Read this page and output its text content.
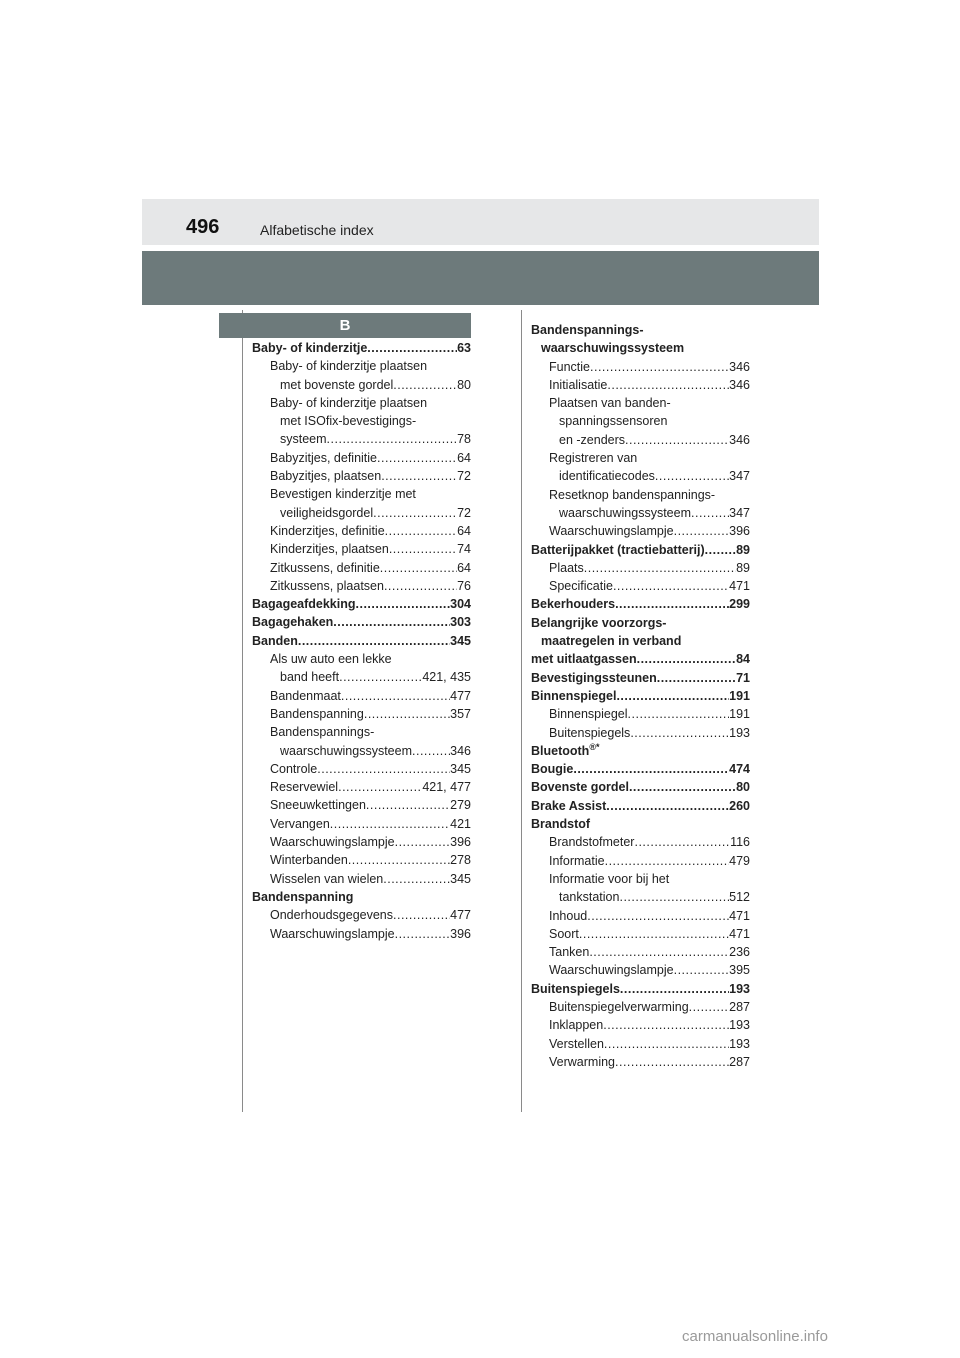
496	Alfabetische index
B
Baby- of kinderzitje .....	63
Baby- of kinderzitje plaatsen
met bovenste gordel .....	80
Baby- of kinderzitje plaatsen
met ISOfix-bevestigings-
systeem .....	78
Babyzitjes, definitie .....	64
Babyzitjes, plaatsen .....	72
Bevestigen kinderzitje met
veiligheidsgordel .....	72
Kinderzitjes, definitie .....	64
Kinderzitjes, plaatsen .....	74
Zitkussens, definitie .....	64
Zitkussens, plaatsen .....	76
Bagageafdekking .....	304
Bagagehaken .....	303
Banden .....	345
Als uw auto een lekke
band heeft .....	421, 435
Bandenmaat .....	477
Bandenspanning .....	357
Bandenspannings-
waarschuwingssysteem .....	346
Controle .....	345
Reservewiel .....	421, 477
Sneeuwkettingen .....	279
Vervangen .....	421
Waarschuwingslampje .....	396
Winterbanden .....	278
Wisselen van wielen .....	345
Bandenspanning
Onderhoudsgegevens .....	477
Waarschuwingslampje .....	396
Bandenspannings-
waarschuwingssysteem
Functie .....	346
Initialisatie .....	346
Plaatsen van banden-
spanningssensoren
en -zenders .....	346
Registreren van
identificatiecodes .....	347
Resetknop bandenspannings-
waarschuwingssysteem .....	347
Waarschuwingslampje .....	396
Batterijpakket (tractiebatterij) .....	89
Plaats .....	89
Specificatie .....	471
Bekerhouders .....	299
Belangrijke voorzorgs-
maatregelen in verband
met uitlaatgassen .....	84
Bevestigingssteunen .....	71
Binnenspiegel .....	191
Binnenspiegel .....	191
Buitenspiegels .....	193
Bluetooth®*
Bougie .....	474
Bovenste gordel .....	80
Brake Assist .....	260
Brandstof
Brandstofmeter .....	116
Informatie .....	479
Informatie voor bij het
tankstation .....	512
Inhoud .....	471
Soort .....	471
Tanken .....	236
Waarschuwingslampje .....	395
Buitenspiegels .....	193
Buitenspiegelverwarming .....	287
Inklappen .....	193
Verstellen .....	193
Verwarming .....	287
carmanualsonline.info
